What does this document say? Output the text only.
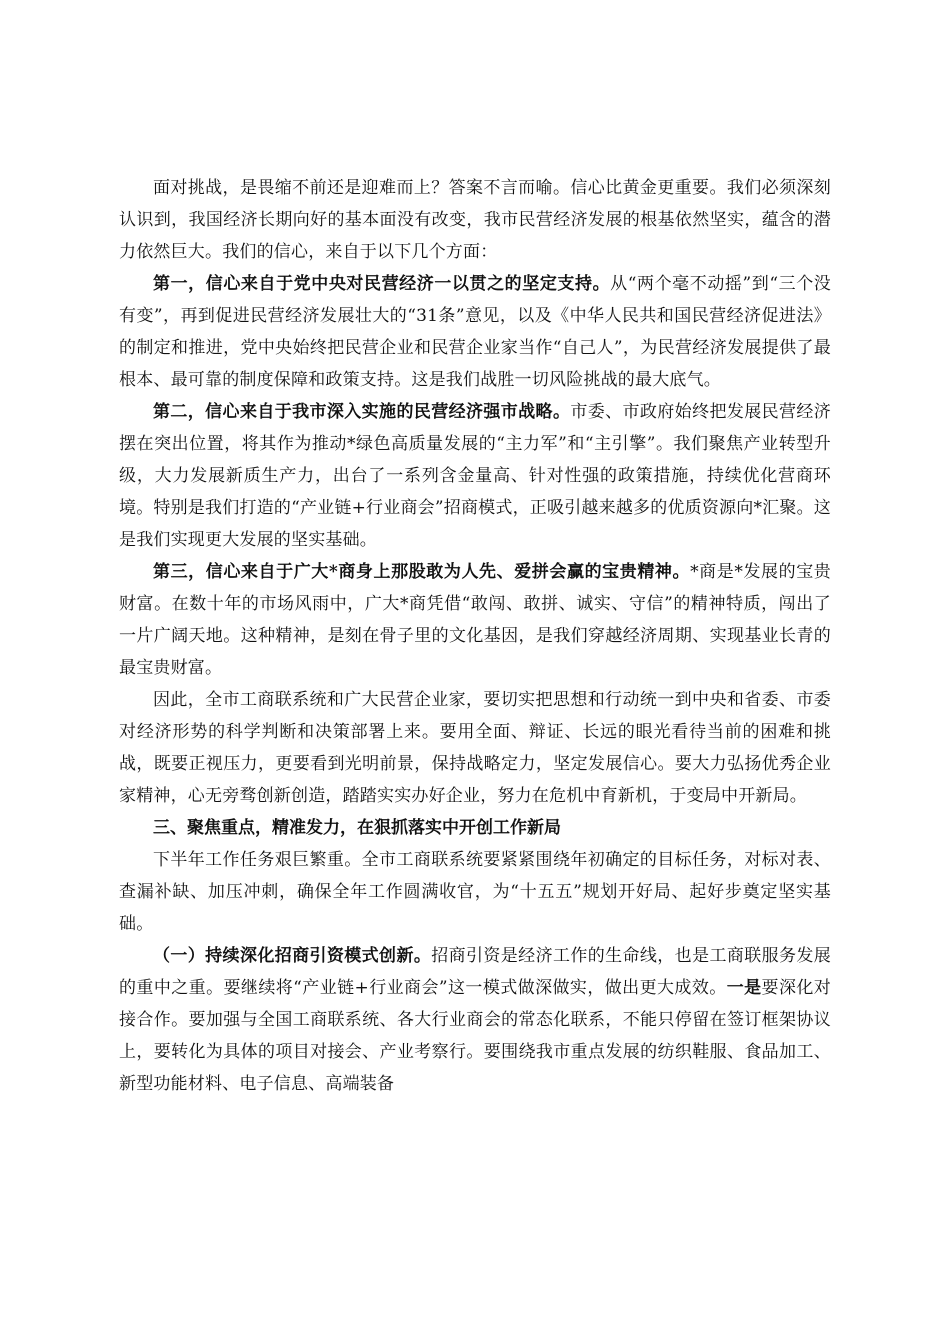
面对挑战，是畏缩不前还是迎难而上？答案不言而喻。信心比黄金更重要。我们必须深刻认识到，我国经济长期向好的基本面没有改变，我市民营经济发展的根基依然坚实，蕴含的潜力依然巨大。我们的信心，来自于以下几个方面：

第一，信心来自于党中央对民营经济一以贯之的坚定支持。从“两个毫不动摇”到“三个没有变”，再到促进民营经济发展壮大的“31条”意见，以及《中华人民共和国民营经济促进法》的制定和推进，党中央始终把民营企业和民营企业家当作“自己人”，为民营经济发展提供了最根本、最可靠的制度保障和政策支持。这是我们战胜一切风险挑战的最大底气。

第二，信心来自于我市深入实施的民营经济强市战略。市委、市政府始终把发展民营经济摆在突出位置，将其作为推动*绿色高质量发展的“主力军”和“主引擎”。我们聚焦产业转型升级，大力发展新质生产力，出台了一系列含金量高、针对性强的政策措施，持续优化营商环境。特别是我们打造的“产业链+行业商会”招商模式，正吸引越来越多的优质资源向*汇聚。这是我们实现更大发展的坚实基础。

第三，信心来自于广大*商身上那股敢为人先、爱拼会赢的宝贵精神。*商是*发展的宝贵财富。在数十年的市场风雨中，广大*商凭借“敢闯、敢拼、诚实、守信”的精神特质，闯出了一片广阔天地。这种精神，是刻在骨子里的文化基因，是我们穿越经济周期、实现基业长青的最宝贵财富。

因此，全市工商联系统和广大民营企业家，要切实把思想和行动统一到中央和省委、市委对经济形势的科学判断和决策部署上来。要用全面、辩证、长远的眼光看待当前的困难和挑战，既要正视压力，更要看到光明前景，保持战略定力，坚定发展信心。要大力弘扬优秀企业家精神，心无旁骛创新创造，踏踏实实办好企业，努力在危机中育新机，于变局中开新局。

三、聚焦重点，精准发力，在狠抓落实中开创工作新局

下半年工作任务艰巨繁重。全市工商联系统要紧紧围绕年初确定的目标任务，对标对表、查漏补缺、加压冲刺，确保全年工作圆满收官，为“十五五”规划开好局、起好步奠定坚实基础。

（一）持续深化招商引资模式创新。招商引资是经济工作的生命线，也是工商联服务发展的重中之重。要继续将“产业链+行业商会”这一模式做深做实，做出更大成效。一是要深化对接合作。要加强与全国工商联系统、各大行业商会的常态化联系，不能只停留在签订框架协议上，要转化为具体的项目对接会、产业考察行。要围绕我市重点发展的纺织鞋服、食品加工、新型功能材料、电子信息、高端装备
